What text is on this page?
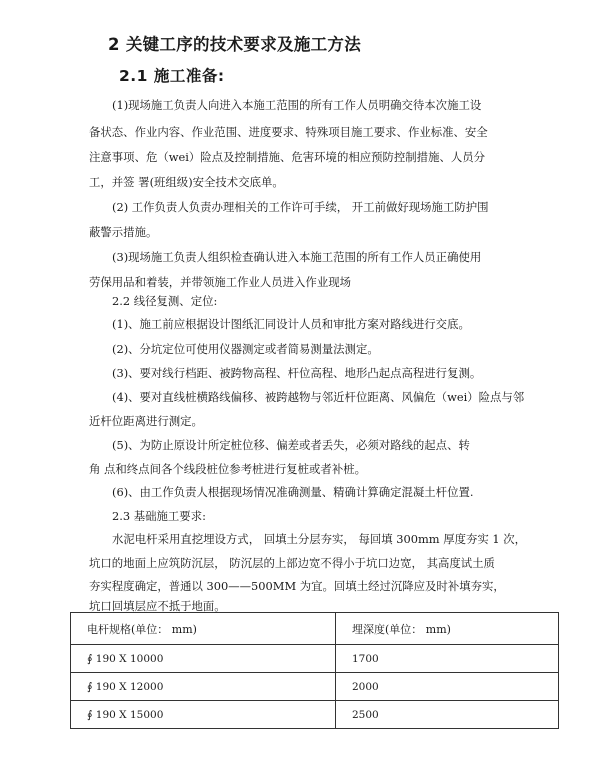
2 关键工序的技术要求及施工方法
2.1 施工准备:
(1)现场施工负责人向进入本施工范围的所有工作人员明确交待本次施工设
备状态、作业内容、作业范围、进度要求、特殊项目施工要求、作业标准、安全
注意事项、危（wei）险点及控制措施、危害环境的相应预防控制措施、人员分
工，并签 署(班组级)安全技术交底单。
(2) 工作负责人负责办理相关的工作许可手续， 开工前做好现场施工防护围
蔽警示措施。
(3)现场施工负责人组织检查确认进入本施工范围的所有工作人员正确使用
劳保用品和着装，并带领施工作业人员进入作业现场
2.2 线径复测、定位:
(1)、施工前应根据设计图纸汇同设计人员和审批方案对路线进行交底。
(2)、分坑定位可使用仪器测定或者简易测量法测定。
(3)、要对线行档距、被跨物高程、杆位高程、地形凸起点高程进行复测。
(4)、要对直线桩横路线偏移、被跨越物与邻近杆位距离、风偏危（wei）险点与邻
近杆位距离进行测定。
(5)、为防止原设计所定桩位移、偏差或者丢失，必须对路线的起点、转
角 点和终点间各个线段桩位参考桩进行复桩或者补桩。
(6)、由工作负责人根据现场情况准确测量、精确计算确定混凝土杆位置.
2.3 基础施工要求:
水泥电杆采用直挖埋设方式， 回填土分层夯实， 每回填 300mm 厚度夯实 1 次，
坑口的地面上应筑防沉层， 防沉层的上部边宽不得小于坑口边宽， 其高度试土质
夯实程度确定，普通以 300——500MM 为宜。回填土经过沉降应及时补填夯实，
坑口回填层应不抵于地面。
电杆规格(单位： mm)	埋深度(单位： mm)
∮ 190 X 10000	1700
∮ 190 X 12000	2000
∮ 190 X 15000	2500
